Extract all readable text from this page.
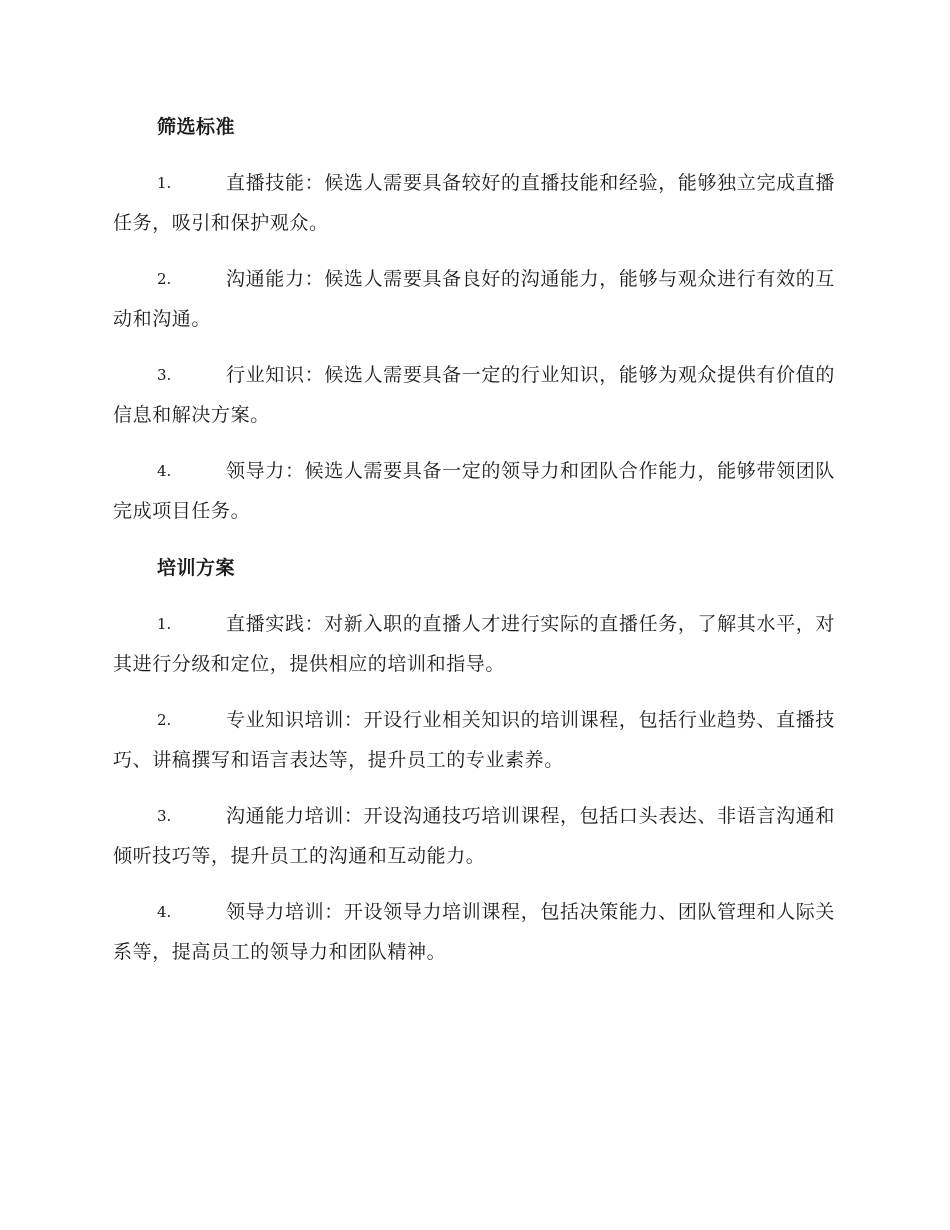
筛选标准
1.	直播技能：候选人需要具备较好的直播技能和经验，能够独立完成直播任务，吸引和保护观众。
2.	沟通能力：候选人需要具备良好的沟通能力，能够与观众进行有效的互动和沟通。
3.	行业知识：候选人需要具备一定的行业知识，能够为观众提供有价值的信息和解决方案。
4.	领导力：候选人需要具备一定的领导力和团队合作能力，能够带领团队完成项目任务。
培训方案
1.	直播实践：对新入职的直播人才进行实际的直播任务，了解其水平，对其进行分级和定位，提供相应的培训和指导。
2.	专业知识培训：开设行业相关知识的培训课程，包括行业趋势、直播技巧、讲稿撰写和语言表达等，提升员工的专业素养。
3.	沟通能力培训：开设沟通技巧培训课程，包括口头表达、非语言沟通和倾听技巧等，提升员工的沟通和互动能力。
4.	领导力培训：开设领导力培训课程，包括决策能力、团队管理和人际关系等，提高员工的领导力和团队精神。
